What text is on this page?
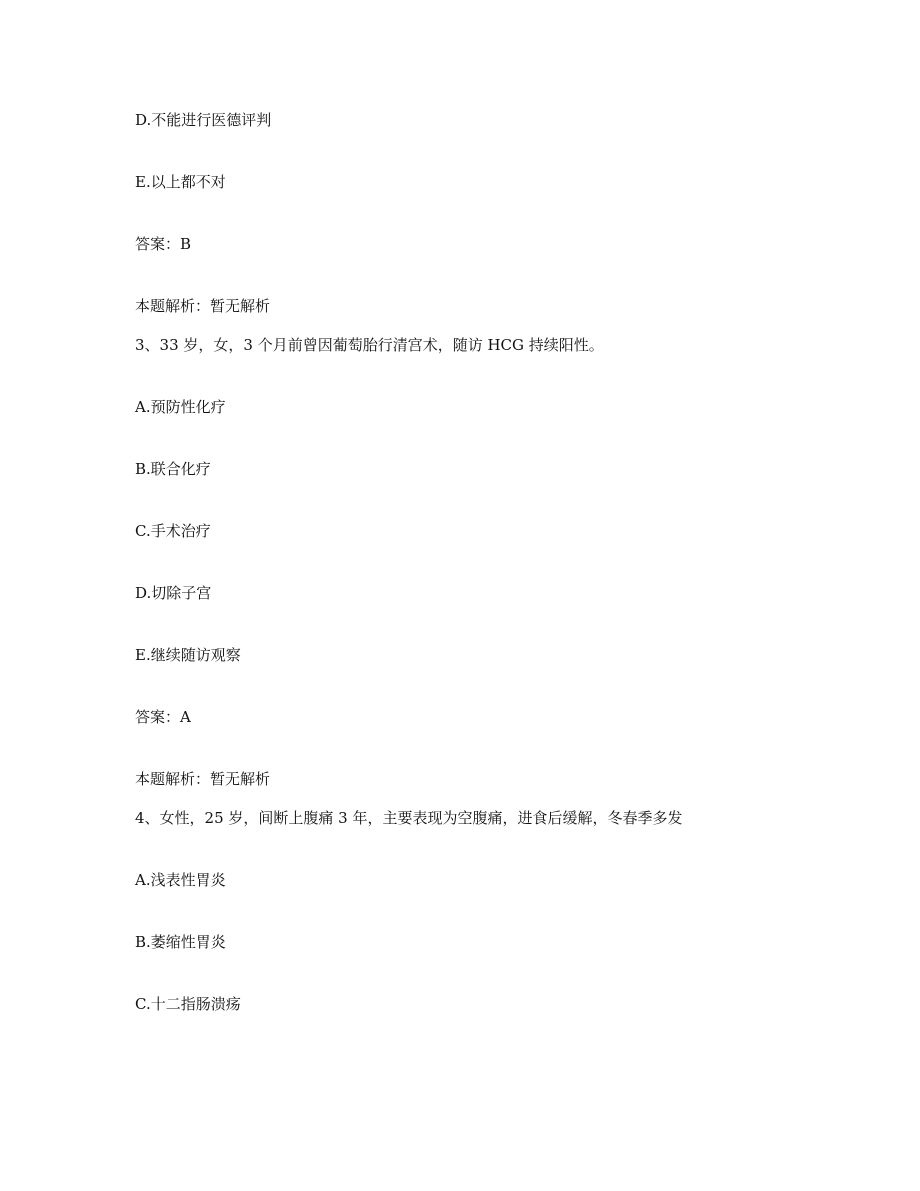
D.不能进行医德评判
E.以上都不对
答案：B
本题解析：暂无解析
3、33 岁，女，3 个月前曾因葡萄胎行清宫术，随访 HCG 持续阳性。
A.预防性化疗
B.联合化疗
C.手术治疗
D.切除子宫
E.继续随访观察
答案：A
本题解析：暂无解析
4、女性，25 岁，间断上腹痛 3 年，主要表现为空腹痛，进食后缓解，冬春季多发
A.浅表性胃炎
B.萎缩性胃炎
C.十二指肠溃疡
